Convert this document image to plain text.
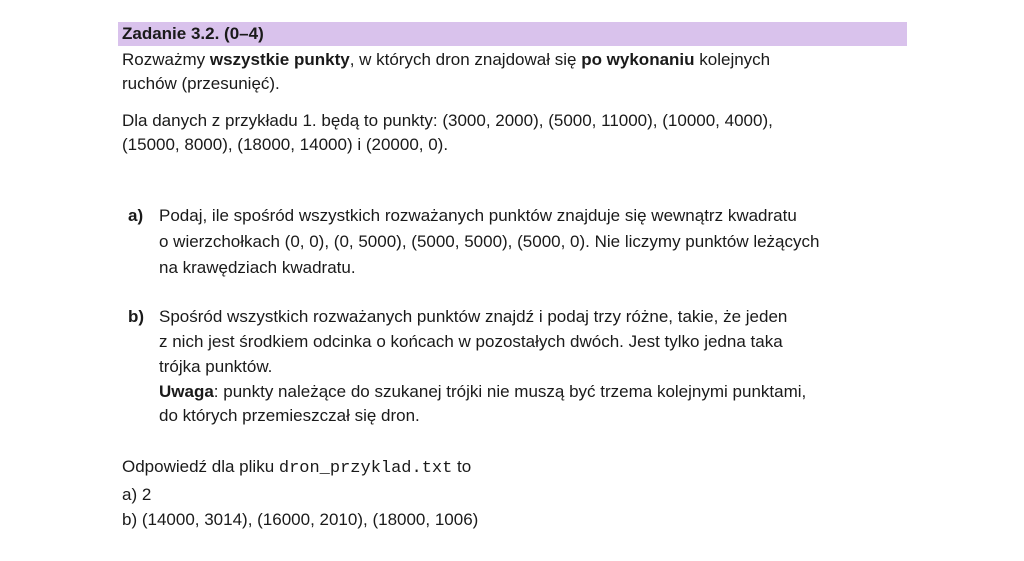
Zadanie 3.2. (0–4)
Rozważmy wszystkie punkty, w których dron znajdował się po wykonaniu kolejnych
ruchów (przesunięć).
Dla danych z przykładu 1. będą to punkty: (3000, 2000), (5000, 11000), (10000, 4000),
(15000, 8000), (18000, 14000) i (20000, 0).
a) Podaj, ile spośród wszystkich rozważanych punktów znajduje się wewnątrz kwadratu
o wierzchołkach (0, 0), (0, 5000), (5000, 5000), (5000, 0). Nie liczymy punktów leżących
na krawędziach kwadratu.
b) Spośród wszystkich rozważanych punktów znajdź i podaj trzy różne, takie, że jeden
z nich jest środkiem odcinka o końcach w pozostałych dwóch. Jest tylko jedna taka
trójka punktów.
Uwaga: punkty należące do szukanej trójki nie muszą być trzema kolejnymi punktami,
do których przemieszczał się dron.
Odpowiedź dla pliku dron_przyklad.txt to
a) 2
b) (14000, 3014), (16000, 2010), (18000, 1006)
